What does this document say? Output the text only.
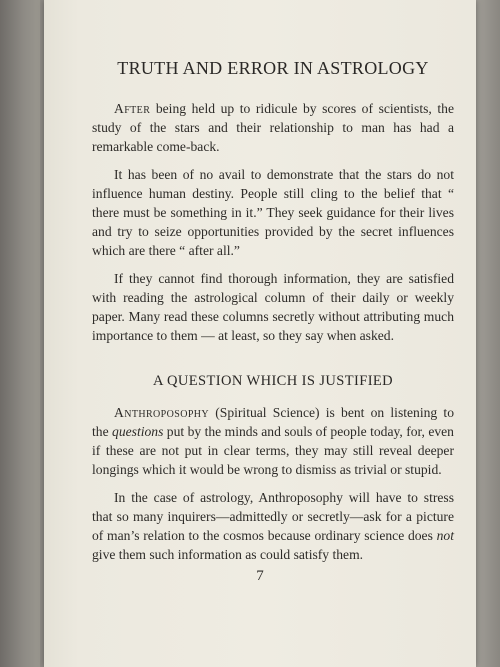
TRUTH AND ERROR IN ASTROLOGY

After being held up to ridicule by scores of scientists, the study of the stars and their relationship to man has had a remarkable come-back.

It has been of no avail to demonstrate that the stars do not influence human destiny. People still cling to the belief that “ there must be something in it.” They seek guidance for their lives and try to seize opportunities provided by the secret influences which are there “ after all.”

If they cannot find thorough information, they are satisfied with reading the astrological column of their daily or weekly paper. Many read these columns secretly without attributing much importance to them — at least, so they say when asked.

A QUESTION WHICH IS JUSTIFIED

Anthroposophy (Spiritual Science) is bent on listening to the questions put by the minds and souls of people today, for, even if these are not put in clear terms, they may still reveal deeper longings which it would be wrong to dismiss as trivial or stupid.

In the case of astrology, Anthroposophy will have to stress that so many inquirers—admittedly or secretly—ask for a picture of man’s relation to the cosmos because ordinary science does not give them such information as could satisfy them.

7
